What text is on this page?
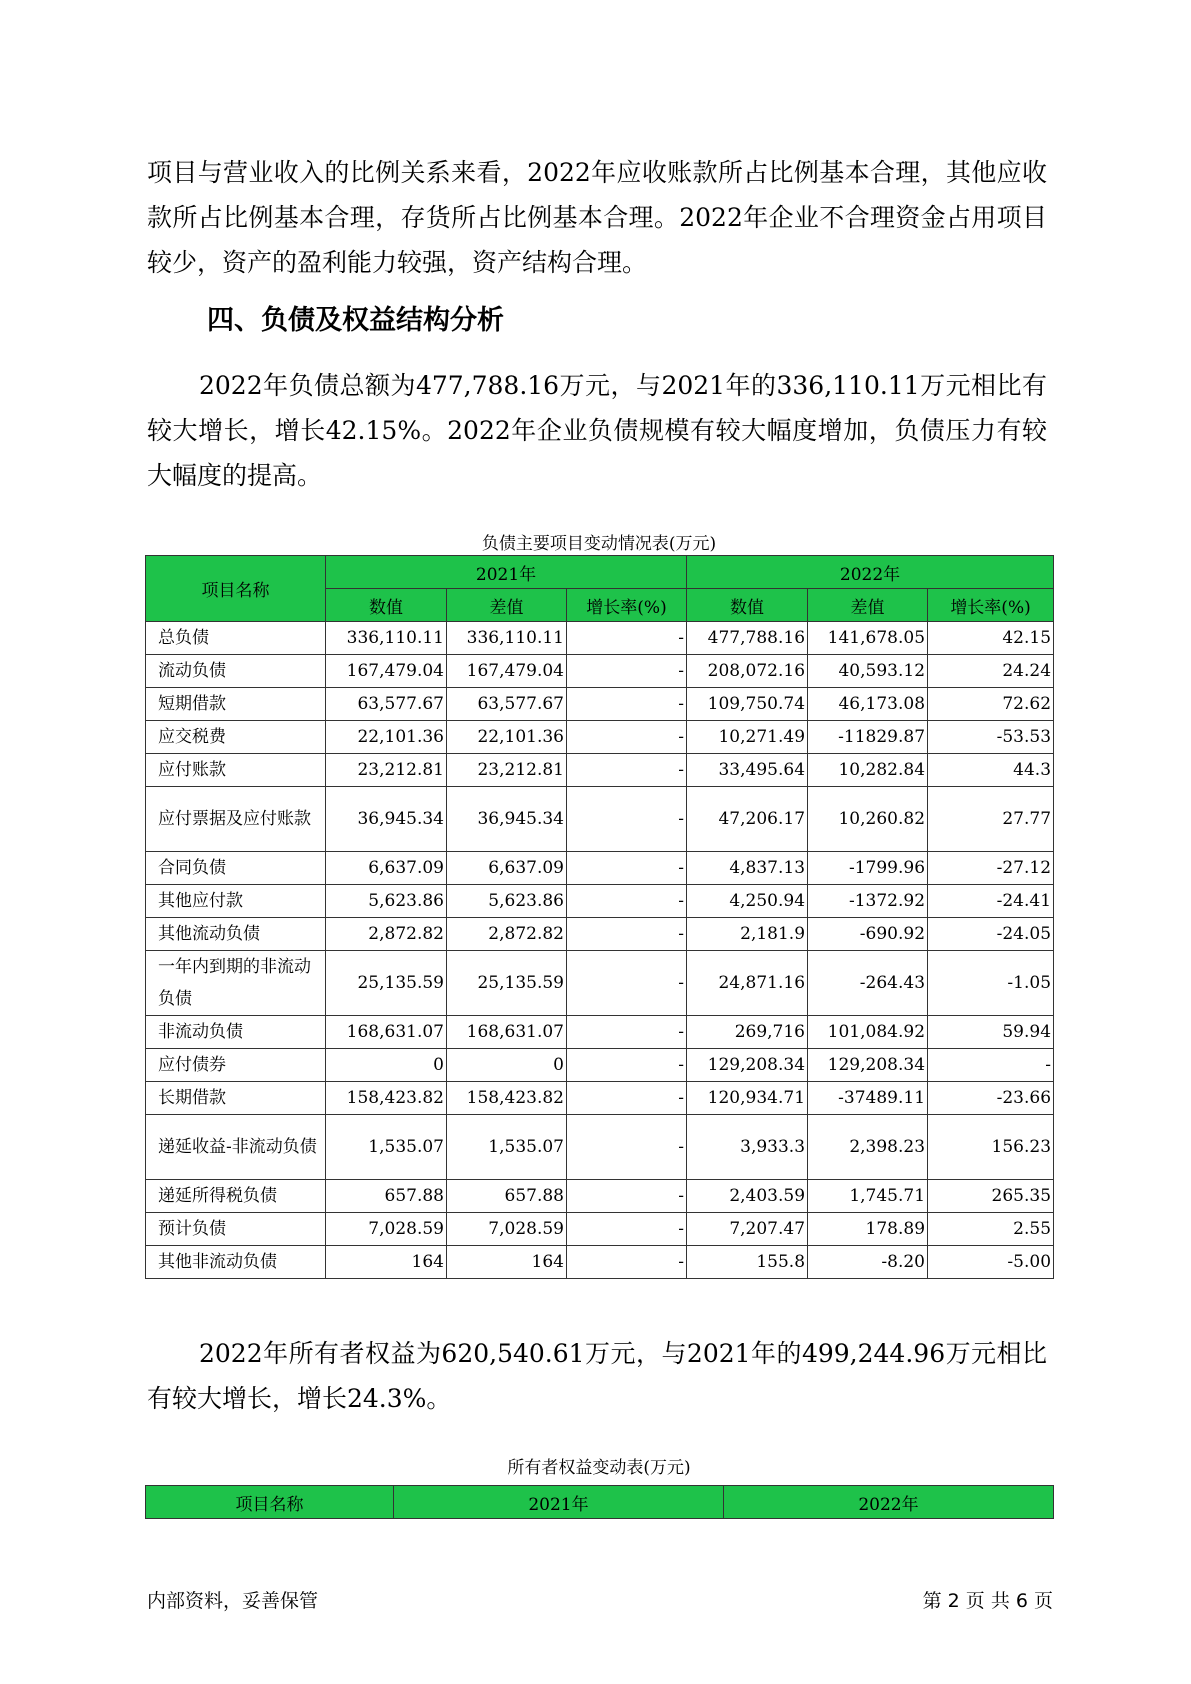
项目与营业收入的比例关系来看，2022年应收账款所占比例基本合理，其他应收款所占比例基本合理，存货所占比例基本合理。2022年企业不合理资金占用项目较少，资产的盈利能力较强，资产结构合理。

四、负债及权益结构分析

2022年负债总额为477,788.16万元，与2021年的336,110.11万元相比有较大增长，增长42.15%。2022年企业负债规模有较大幅度增加，负债压力有较大幅度的提高。

负债主要项目变动情况表(万元)
项目名称	2021年			2022年		
	数值	差值	增长率(%)	数值	差值	增长率(%)
总负债	336,110.11	336,110.11	-	477,788.16	141,678.05	42.15
流动负债	167,479.04	167,479.04	-	208,072.16	40,593.12	24.24
短期借款	63,577.67	63,577.67	-	109,750.74	46,173.08	72.62
应交税费	22,101.36	22,101.36	-	10,271.49	-11829.87	-53.53
应付账款	23,212.81	23,212.81	-	33,495.64	10,282.84	44.3
应付票据及应付账款	36,945.34	36,945.34	-	47,206.17	10,260.82	27.77
合同负债	6,637.09	6,637.09	-	4,837.13	-1799.96	-27.12
其他应付款	5,623.86	5,623.86	-	4,250.94	-1372.92	-24.41
其他流动负债	2,872.82	2,872.82	-	2,181.9	-690.92	-24.05
一年内到期的非流动负债	25,135.59	25,135.59	-	24,871.16	-264.43	-1.05
非流动负债	168,631.07	168,631.07	-	269,716	101,084.92	59.94
应付债券	0	0	-	129,208.34	129,208.34	-
长期借款	158,423.82	158,423.82	-	120,934.71	-37489.11	-23.66
递延收益-非流动负债	1,535.07	1,535.07	-	3,933.3	2,398.23	156.23
递延所得税负债	657.88	657.88	-	2,403.59	1,745.71	265.35
预计负债	7,028.59	7,028.59	-	7,207.47	178.89	2.55
其他非流动负债	164	164	-	155.8	-8.20	-5.00

2022年所有者权益为620,540.61万元，与2021年的499,244.96万元相比有较大增长，增长24.3%。

所有者权益变动表(万元)
项目名称	2021年	2022年
内部资料，妥善保管	第 2 页 共 6 页
